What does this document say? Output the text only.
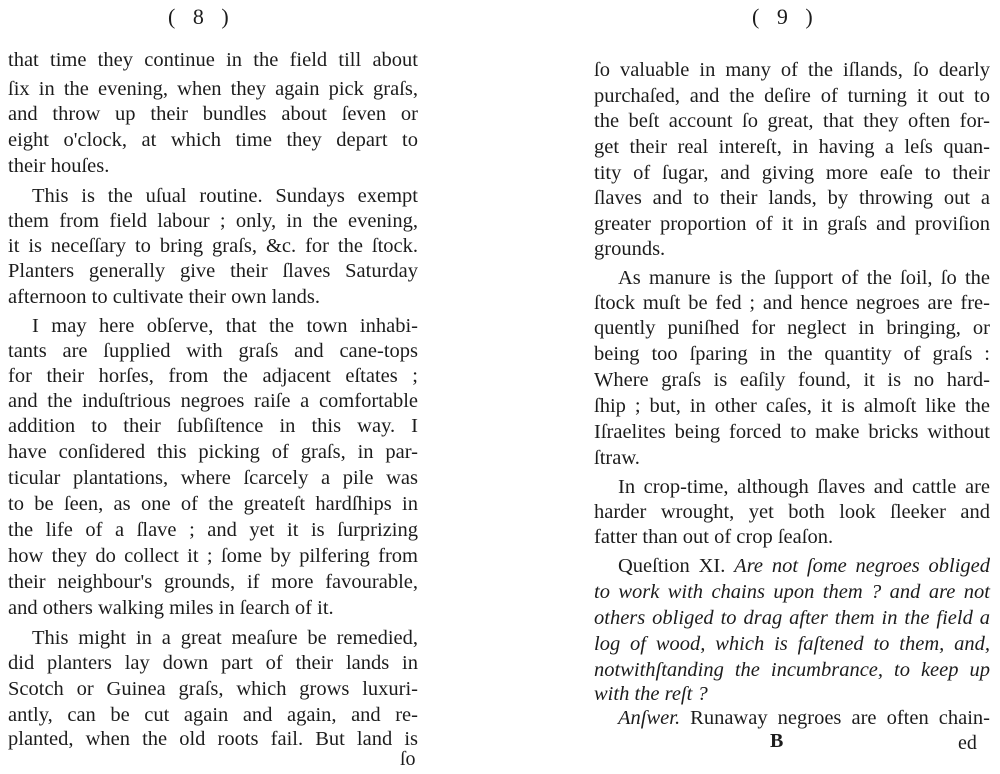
( 8 )
that time they continue in the field till about
ſix in the evening, when they again pick graſs,
and throw up their bundles about ſeven or
eight o'clock, at which time they depart to
their houſes.
This is the uſual routine. Sundays exempt
them from field labour ; only, in the evening,
it is neceſſary to bring graſs, &c. for the ſtock.
Planters generally give their ſlaves Saturday
afternoon to cultivate their own lands.
I may here obſerve, that the town inhabi-
tants are ſupplied with graſs and cane-tops
for their horſes, from the adjacent eſtates ;
and the induſtrious negroes raiſe a comfortable
addition to their ſubſiſtence in this way. I
have conſidered this picking of graſs, in par-
ticular plantations, where ſcarcely a pile was
to be ſeen, as one of the greateſt hardſhips in
the life of a ſlave ; and yet it is ſurprizing
how they do collect it ; ſome by pilfering from
their neighbour's grounds, if more favourable,
and others walking miles in ſearch of it.
This might in a great meaſure be remedied,
did planters lay down part of their lands in
Scotch or Guinea graſs, which grows luxuri-
antly, can be cut again and again, and re-
planted, when the old roots fail. But land is
ſo
( 9 )
ſo valuable in many of the iſlands, ſo dearly
purchaſed, and the deſire of turning it out to
the beſt account ſo great, that they often for-
get their real intereſt, in having a leſs quan-
tity of ſugar, and giving more eaſe to their
ſlaves and to their lands, by throwing out a
greater proportion of it in graſs and proviſion
grounds.
As manure is the ſupport of the ſoil, ſo the
ſtock muſt be fed ; and hence negroes are fre-
quently puniſhed for neglect in bringing, or
being too ſparing in the quantity of graſs :
Where graſs is eaſily found, it is no hard-
ſhip ; but, in other caſes, it is almoſt like the
Iſraelites being forced to make bricks without
ſtraw.
In crop-time, although ſlaves and cattle are
harder wrought, yet both look ſleeker and
fatter than out of crop ſeaſon.
Queſtion XI. Are not ſome negroes obliged
to work with chains upon them ? and are not
others obliged to drag after them in the field a
log of wood, which is faſtened to them, and,
notwithſtanding the incumbrance, to keep up
with the reſt ?
Anſwer. Runaway negroes are often chain-
B	ed
